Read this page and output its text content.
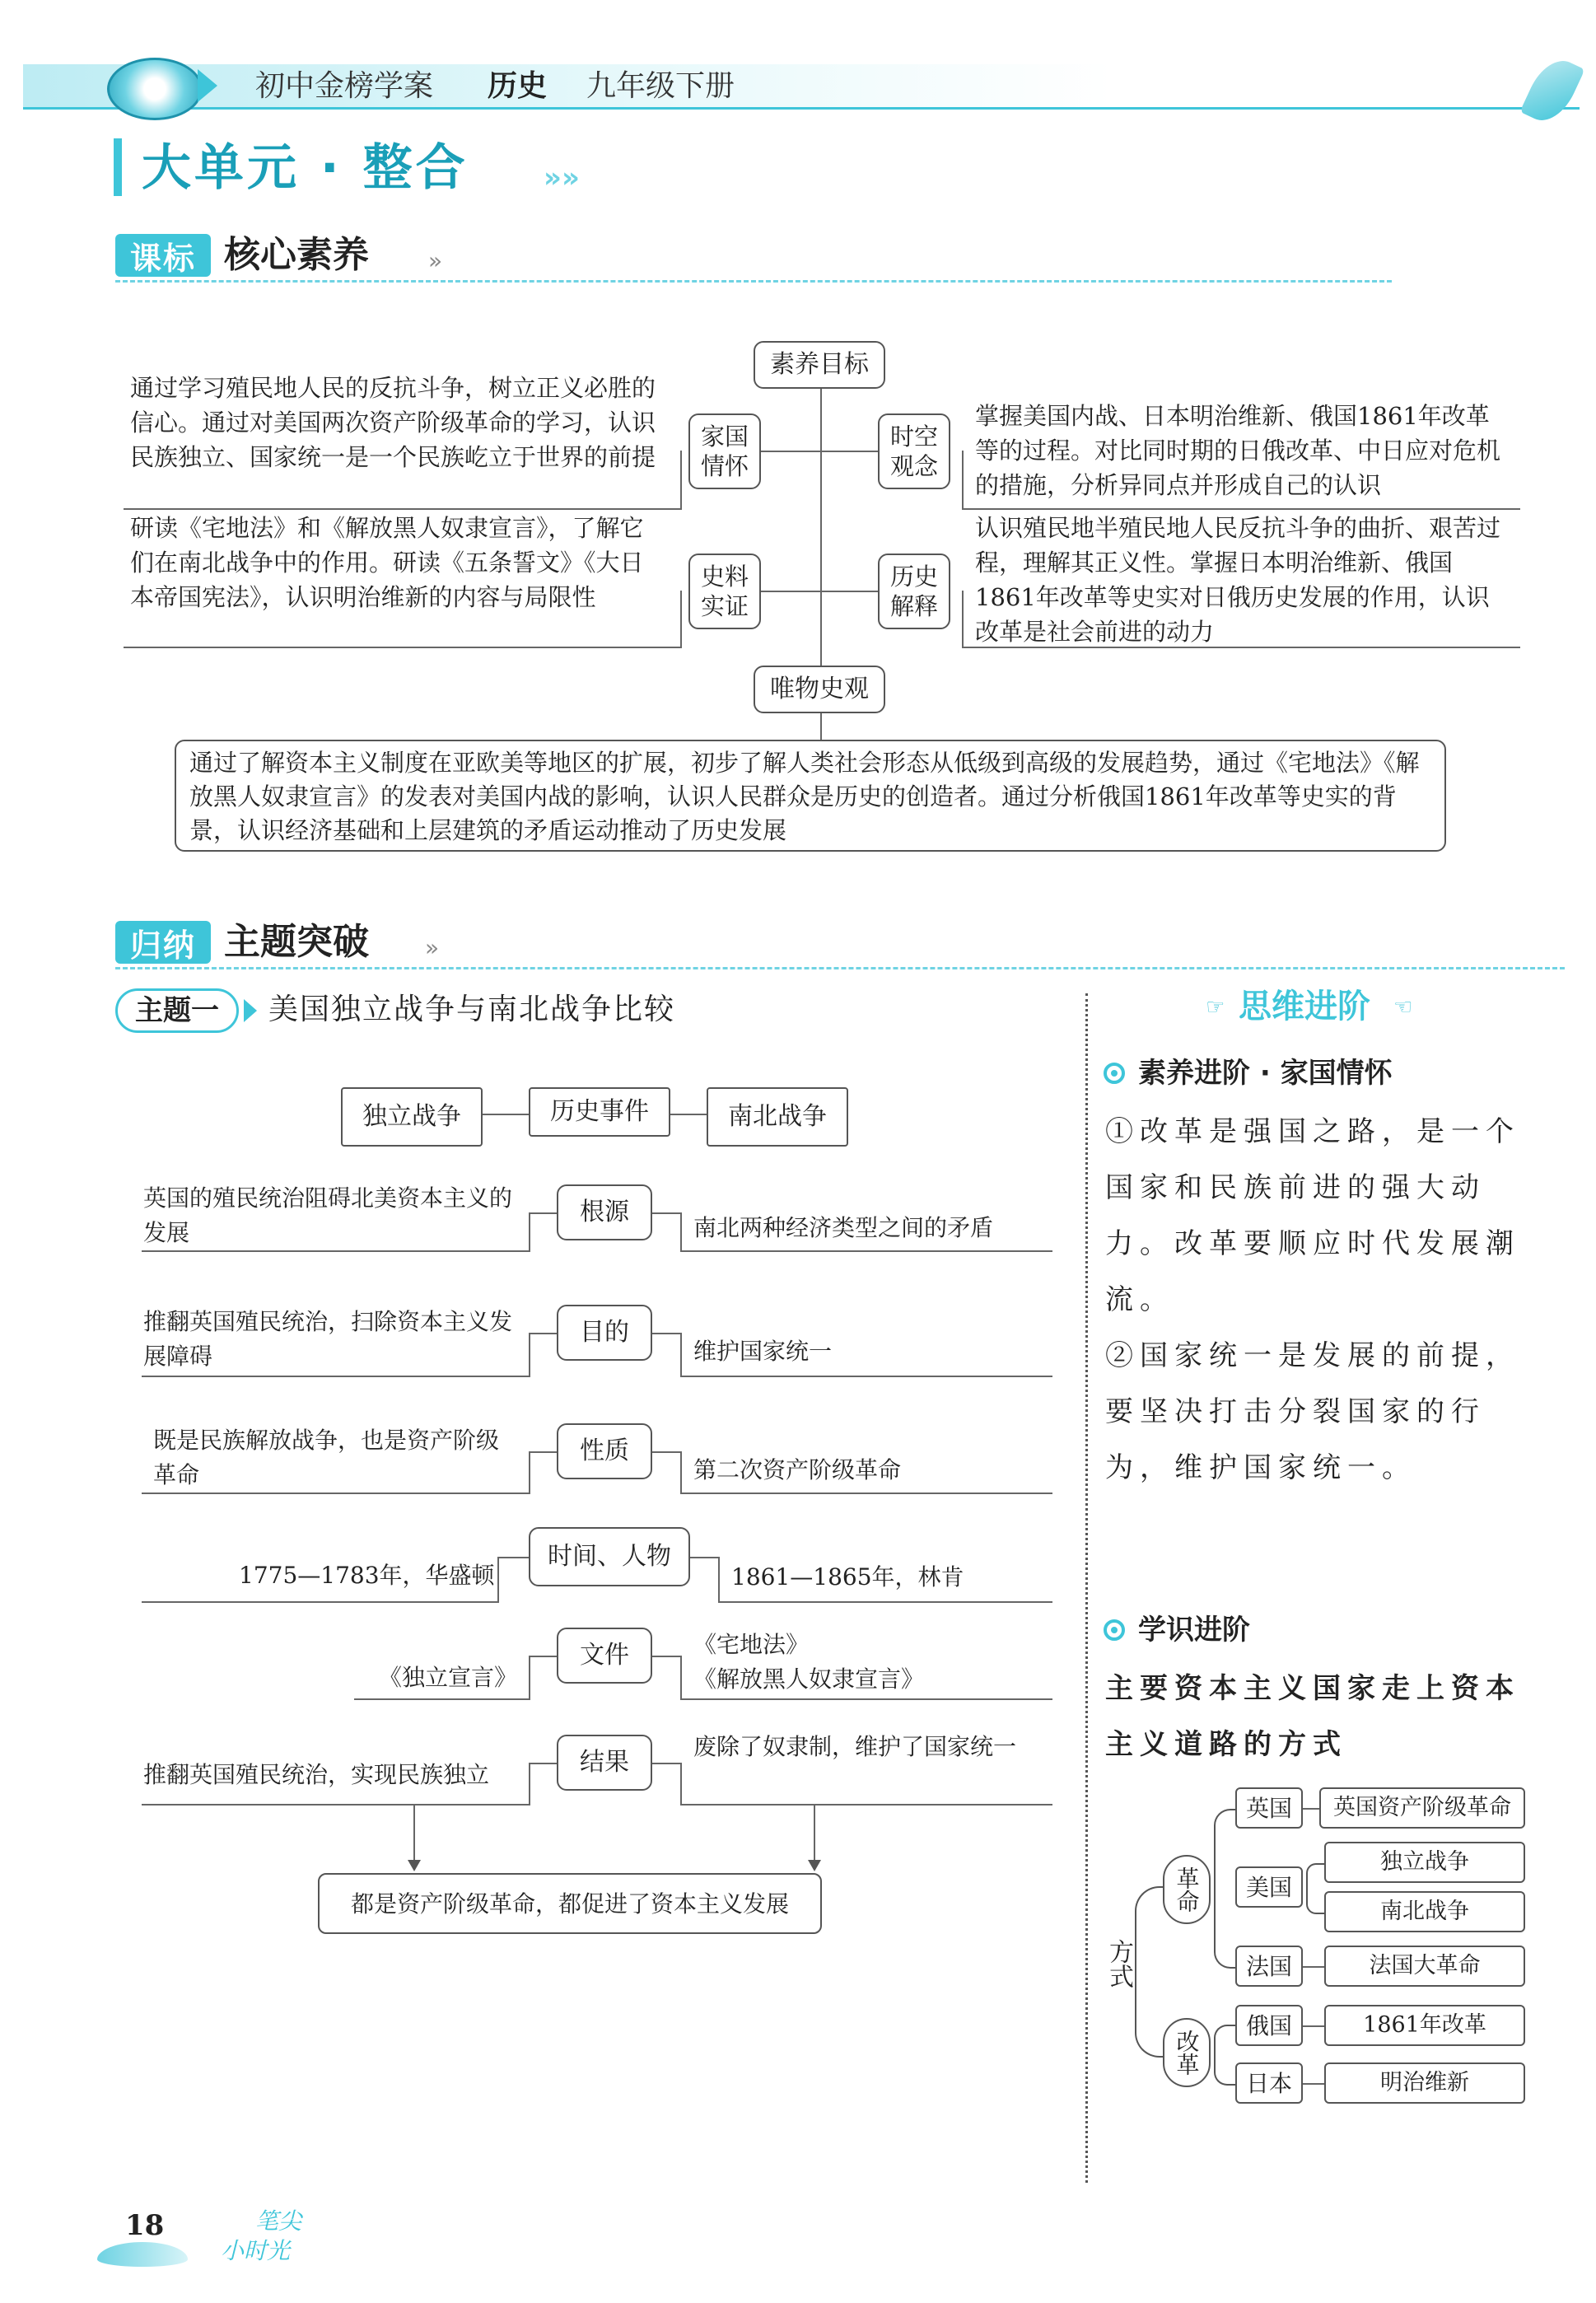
初中金榜学案 历史 九年级下册
大单元 · 整合	»»
课标 核心素养	»
素养目标
唯物史观
家国
情怀
时空
观念
史料
实证
历史
解释
通过学习殖民地人民的反抗斗争，树立正义必胜的信心。通过对美国两次资产阶级革命的学习，认识民族独立、国家统一是一个民族屹立于世界的前提
掌握美国内战、日本明治维新、俄国1861年改革等的过程。对比同时期的日俄改革、中日应对危机的措施，分析异同点并形成自己的认识
研读《宅地法》和《解放黑人奴隶宣言》，了解它们在南北战争中的作用。研读《五条誓文》《大日本帝国宪法》，认识明治维新的内容与局限性
认识殖民地半殖民地人民反抗斗争的曲折、艰苦过程，理解其正义性。掌握日本明治维新、俄国1861年改革等史实对日俄历史发展的作用，认识改革是社会前进的动力
通过了解资本主义制度在亚欧美等地区的扩展，初步了解人类社会形态从低级到高级的发展趋势，通过《宅地法》《解放黑人奴隶宣言》的发表对美国内战的影响，认识人民群众是历史的创造者。通过分析俄国1861年改革等史实的背景，认识经济基础和上层建筑的矛盾运动推动了历史发展
归纳 主题突破 »
主题一	美国独立战争与南北战争比较
独立战争	历史事件	南北战争
英国的殖民统治阻碍北美资本主义的发展
根源
南北两种经济类型之间的矛盾
推翻英国殖民统治，扫除资本主义发展障碍
目的
维护国家统一
既是民族解放战争，也是资产阶级革命
性质
第二次资产阶级革命
1775—1783年，华盛顿
时间、人物
1861—1865年，林肯
《独立宣言》
文件	《宅地法》
《解放黑人奴隶宣言》
推翻英国殖民统治，实现民族独立	结果
废除了奴隶制，维护了国家统一
都是资产阶级革命，都促进了资本主义发展
☞ 思维进阶 ☜
素养进阶 · 家国情怀
①改革是强国之路，是一个国家和民族前进的强大动力。改革要顺应时代发展潮流。
②国家统一是发展的前提，要坚决打击分裂国家的行为，维护国家统一。
学识进阶
主要资本主义国家走上资本主义道路的方式
方式
革命
改革
英国
美国
法国
英国资产阶级革命
独立战争
南北战争
法国大革命
俄国
日本
1861年改革
明治维新
18	笔尖
小时光
